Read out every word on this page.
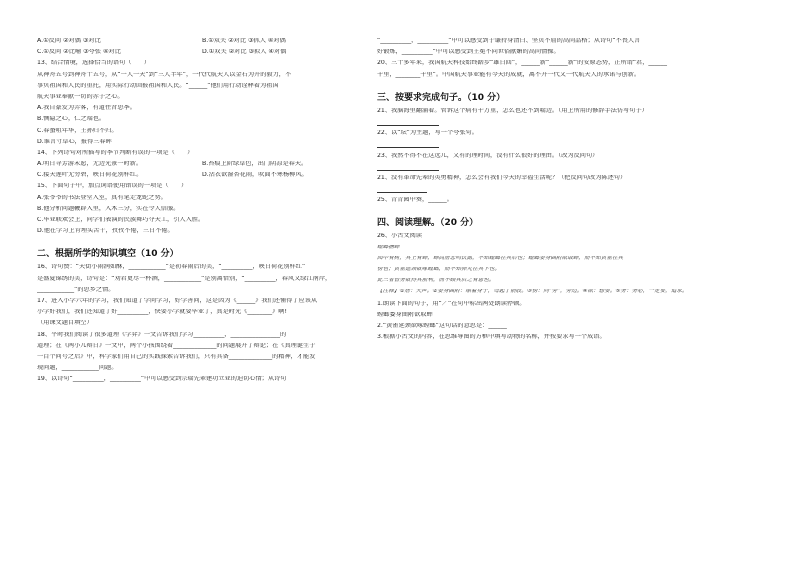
A.①反问 ②对偶 ③对比	B.①双关 ②对比 ③抓人 ④对偶
C.①反问 ②比喻 ③夸张 ④对比	D.①双关 ②对比 ③拟人 ④对偶
13、结合情境，选择恰当的语句（　　）
从神舟五号到神舟十五号，从“一人一天”到“三人半年”，一代代航天人以金石为开的毅力，不
事负祖国和人民的重托，用实际行动回报祖国和人民。“______”他们用行动诠释着为祖国
航天事业奉献一切的赤子之心。
A.我自豪发为弄客，有道往昔思季。
B.恻隐之心，仁之端也。
C.春蚕咀年华，王孙归不归。
D.谁言寸草心，报得三春晖
14、下列诗句对所描写的季节判断有误的一项是（　　）
A.明日寻芳游未愿，无边光景一时新。	B.苔痕上阶绿草色，出门阴凉是春天。
C.接天莲叶无穷碧，映日荷花别样红。	D.沾衣欲湿杏花雨，吹面不寒杨柳风。
15、下面句子中，加点词语使用错误的一项是（　　）
A.张爷爷的书法登堂入室，真有笔走龙蛇之势。
B.他分析问题鞭辟入里，入木三分，实在令人信服。
C.毕业联欢会上，同学们表演的民族舞巧夺天工，引人入胜。
D.他在学习上肯埋头苦干，孜孜不倦，三日不倦。
二、根据所学的知识填空（10 分）
16、诗句赞：“天街小雨润如酥，____________”是初春雨后的美，“__________，映日荷花别样红”
是盛夏锦绣的美，诗句是：“劝君更尽一杯酒，____________”是别离惜别，“__________，春风又绿江南岸，
____________”的思乡之情。
17、进入小学六年的学习，我们知道了学问学习，好学善问，这是因为《______》我们还懂得了应该从
小学好我们，我们还知道了好__________，快要小学就要毕业了，真是时光《________》啊!
（用课文题目填空）
18、平时我们阅读了很多道理《学弈》一文告诉我们学习__________，________________的
道理；在《两小儿辩日》一文中，两个小孩围绕着______________的问题展开了辩论；在《真理诞生于
一百个问号之后》中，科学家们用自己的实践探索告诉我们，只有具备______________的精神，才能发
现问题，____________问题。
19、以诗句“__________，__________”中可以感受到宗瑞先辈建功立业的迫切心情；从诗句
“__________，__________”中可以感受到于谦持身清白、坚贞不屈的高尚品格；从诗句“不畏人言
好锻炼，__________”中可以感受到王冕不向世俗献媚的高尚情操。
20、三十多年来，我国航天科技始终踏步“雄日回”，______新“______新”的安原态势，正所谓“君，______
千里，________千里”。中国航天事业能有今天的成就，离不开一代又一代航天人的承诺与创新。
三、按要求完成句子。（10 分）
21、我脑海里翻涌着。管诉这个病有千万重，怎么也还不到喘边。（用上所用的修辞手法仿写句子）
22、以“坛”为主题，写一个夸张句。
23、我然不得不在这远儿，又有的理时间，没有什么很好的理由。（改为反问句）
21、没有革命先辈的英勇精神，怎么会有我们今天的幸福生活呢？（把反问句改为陈述句）
25、青青园中葵，______。
四、阅读理解。（20 分）
26、小古文阅读
螳螂捕蝉
园中有树，其上有蝉，蝉高居悲鸣饮露，不知螳螂在其后也；螳螂委身曲附欲取蝉，而不知黄雀在其
傍也；黄雀延颈欲啄螳螂，而不知弹丸在其下也。
此三者皆务欲得其前利，而不顾其后之有患也。
【注释】①居：大声。②委身曲附：缩着身子，弯起了前肢。③傍：同“旁”，旁边。④欲：想要。⑤务：务必，一定要，追求。
1.朗读下面的句子，用“／”在句中标出两处朗读停顿。
螳螂委身曲附欲取蝉
2.“黄雀延颈欲啄螳螂”这句话的意思是：______
3.根据小古文的内容，在思维导图的方框中填写动物的名称，并按要求写一个成语。
